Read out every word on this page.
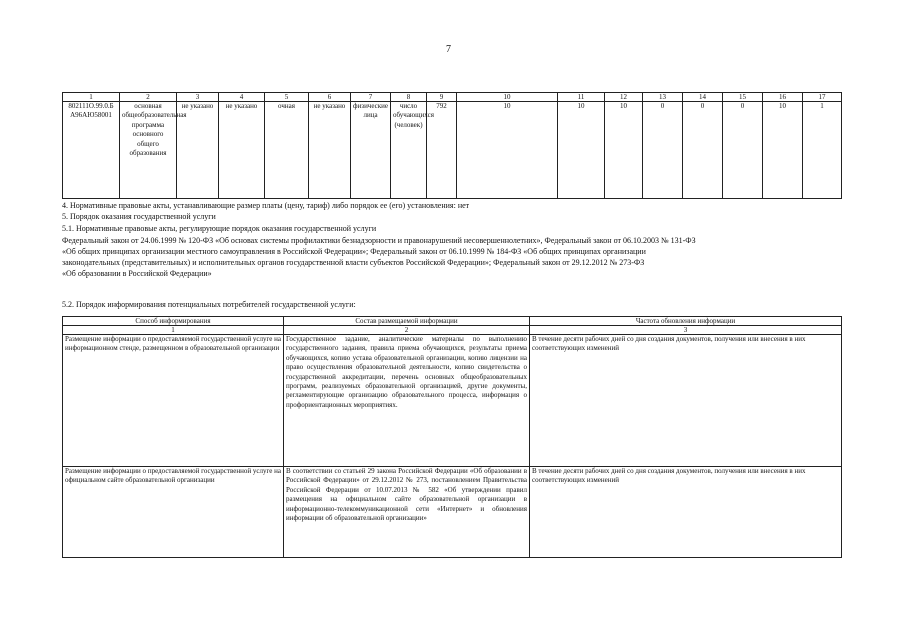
7
1	2	3	4	5	6	7	8	9	10	11	12	13	14	15	16	17
802111О.99.0.Б А96АЮ58001	основная общеобразовательная программа основного общего образования	не указано	не указано	очная	не указано	физические лица	число обучающихся (человек)	792	10	10	10	0	0	0	10	1
4. Нормативные правовые акты, устанавливающие размер платы (цену, тариф) либо порядок ее (его) установления: нет
5. Порядок оказания государственной услуги
5.1. Нормативные правовые акты, регулирующие порядок оказания государственной услуги
Федеральный закон от 24.06.1999 № 120-ФЗ «Об основах системы профилактики безнадзорности и правонарушений несовершеннолетних», Федеральный закон от 06.10.2003 № 131-ФЗ
«Об общих принципах организации местного самоуправления в Российской Федерации»; Федеральный закон от 06.10.1999 № 184-ФЗ «Об общих принципах организации
законодательных (представительных) и исполнительных органов государственной власти субъектов Российской Федерации»; Федеральный закон от 29.12.2012 № 273-ФЗ
«Об образовании в Российской Федерации»
5.2. Порядок информирования потенциальных потребителей государственной услуги:
Способ информирования	Состав размещаемой информации	Частота обновления информации
1	2	3
Размещение информации о предоставляемой государственной услуге на информационном стенде, размещенном в образовательной организации	Государственное задание, аналитические материалы по выполнению государственного задания, правила приема обучающихся, результаты приема обучающихся, копию устава образовательной организации, копию лицензии на право осуществления образовательной деятельности, копию свидетельства о государственной аккредитации, перечень основных общеобразовательных программ, реализуемых образовательной организацией, другие документы, регламентирующие организацию образовательного процесса, информация о профориентационных мероприятиях.	В течение десяти рабочих дней со дня создания документов, получения или внесения в них соответствующих изменений
Размещение информации о предоставляемой государственной услуге на официальном сайте образовательной организации	В соответствии со статьей 29 закона Российской Федерации «Об образовании в Российской Федерации» от 29.12.2012 № 273, постановлением Правительства Российской Федерации от 10.07.2013 № 582 «Об утверждении правил размещения на официальном сайте образовательной организации в информационно-телекоммуникационной сети «Интернет» и обновления информации об образовательной организации»	В течение десяти рабочих дней со дня создания документов, получения или внесения в них соответствующих изменений
